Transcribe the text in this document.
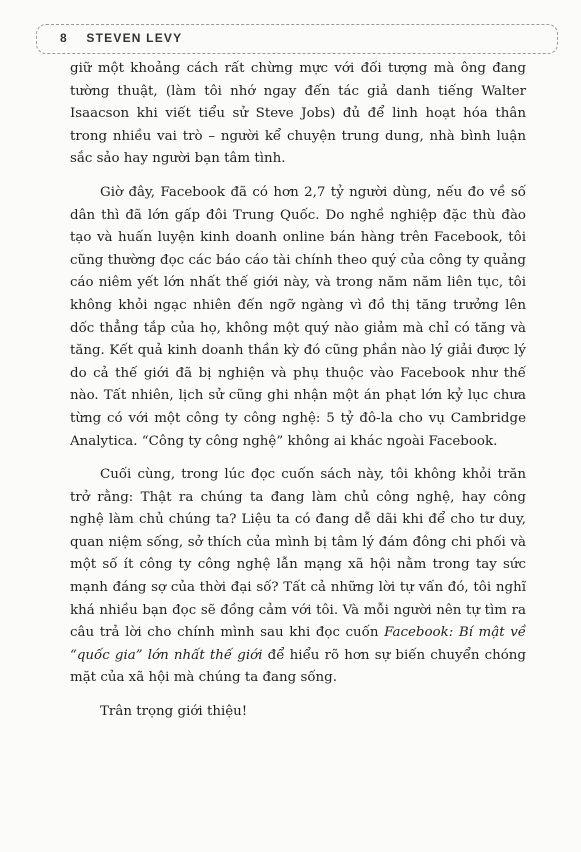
8 STEVEN LEVY

giữ một khoảng cách rất chừng mực với đối tượng mà ông đang tường thuật, (làm tôi nhớ ngay đến tác giả danh tiếng Walter Isaacson khi viết tiểu sử Steve Jobs) đủ để linh hoạt hóa thân trong nhiều vai trò – người kể chuyện trung dung, nhà bình luận sắc sảo hay người bạn tâm tình.

Giờ đây, Facebook đã có hơn 2,7 tỷ người dùng, nếu đo về số dân thì đã lớn gấp đôi Trung Quốc. Do nghề nghiệp đặc thù đào tạo và huấn luyện kinh doanh online bán hàng trên Facebook, tôi cũng thường đọc các báo cáo tài chính theo quý của công ty quảng cáo niêm yết lớn nhất thế giới này, và trong năm năm liên tục, tôi không khỏi ngạc nhiên đến ngỡ ngàng vì đồ thị tăng trưởng lên dốc thẳng tắp của họ, không một quý nào giảm mà chỉ có tăng và tăng. Kết quả kinh doanh thần kỳ đó cũng phần nào lý giải được lý do cả thế giới đã bị nghiện và phụ thuộc vào Facebook như thế nào. Tất nhiên, lịch sử cũng ghi nhận một án phạt lớn kỷ lục chưa từng có với một công ty công nghệ: 5 tỷ đô-la cho vụ Cambridge Analytica. “Công ty công nghệ” không ai khác ngoài Facebook.

Cuối cùng, trong lúc đọc cuốn sách này, tôi không khỏi trăn trở rằng: Thật ra chúng ta đang làm chủ công nghệ, hay công nghệ làm chủ chúng ta? Liệu ta có đang dễ dãi khi để cho tư duy, quan niệm sống, sở thích của mình bị tâm lý đám đông chi phối và một số ít công ty công nghệ lẫn mạng xã hội nằm trong tay sức mạnh đáng sợ của thời đại số? Tất cả những lời tự vấn đó, tôi nghĩ khá nhiều bạn đọc sẽ đồng cảm với tôi. Và mỗi người nên tự tìm ra câu trả lời cho chính mình sau khi đọc cuốn Facebook: Bí mật về “quốc gia” lớn nhất thế giới để hiểu rõ hơn sự biến chuyển chóng mặt của xã hội mà chúng ta đang sống.

Trân trọng giới thiệu!
